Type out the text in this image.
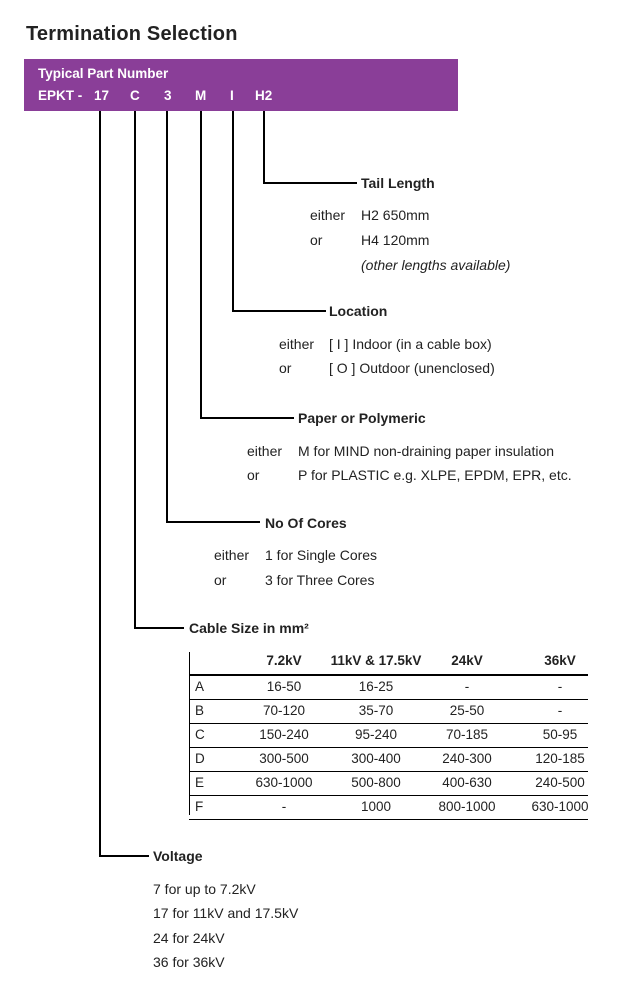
Termination Selection
Typical Part Number
EPKT - 17 C 3 M I H2
Tail Length
either H2 650mm
or	H4 120mm
(other lengths available)
Location
either [ I ] Indoor (in a cable box)
or	[ O ] Outdoor (unenclosed)
Paper or Polymeric
either M for MIND non-draining paper insulation
or	P for PLASTIC e.g. XLPE, EPDM, EPR, etc.
No Of Cores
either 1 for Single Cores
or	3 for Three Cores
Cable Size in mm²
7.2kV	11kV & 17.5kV	24kV	36kV
A	16-50	16-25	-	-
B	70-120	35-70	25-50	-
C	150-240	95-240	70-185	50-95
D	300-500	300-400	240-300	120-185
E	630-1000	500-800	400-630	240-500
F	-	1000	800-1000	630-1000
Voltage
7 for up to 7.2kV
17 for 11kV and 17.5kV
24 for 24kV
36 for 36kV
